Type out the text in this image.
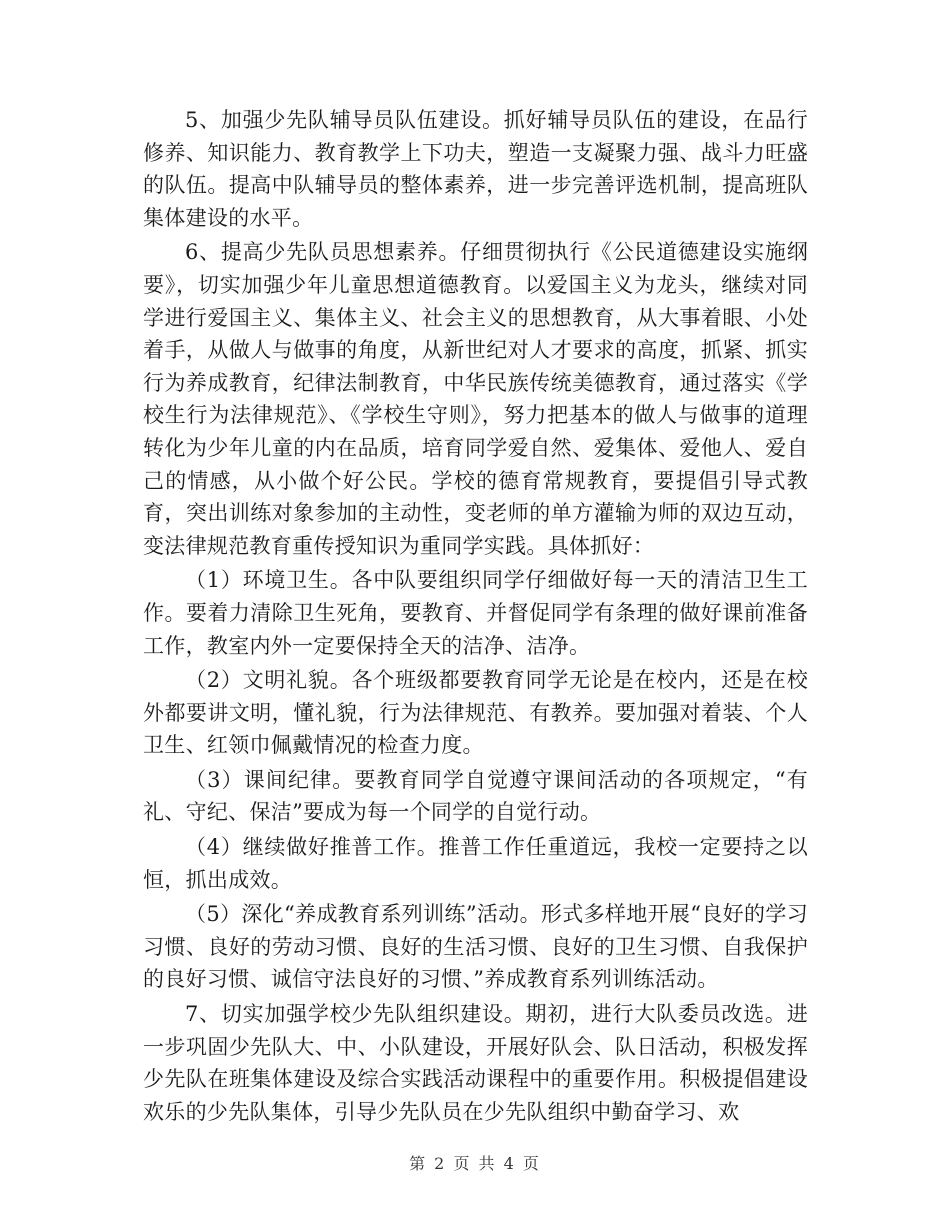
5、加强少先队辅导员队伍建设。抓好辅导员队伍的建设，在品行修养、知识能力、教育教学上下功夫，塑造一支凝聚力强、战斗力旺盛的队伍。提高中队辅导员的整体素养，进一步完善评选机制，提高班队集体建设的水平。

6、提高少先队员思想素养。仔细贯彻执行《公民道德建设实施纲要》，切实加强少年儿童思想道德教育。以爱国主义为龙头，继续对同学进行爱国主义、集体主义、社会主义的思想教育，从大事着眼、小处着手，从做人与做事的角度，从新世纪对人才要求的高度，抓紧、抓实行为养成教育，纪律法制教育，中华民族传统美德教育，通过落实《学校生行为法律规范》、《学校生守则》，努力把基本的做人与做事的道理转化为少年儿童的内在品质，培育同学爱自然、爱集体、爱他人、爱自己的情感，从小做个好公民。学校的德育常规教育，要提倡引导式教育，突出训练对象参加的主动性，变老师的单方灌输为师的双边互动，变法律规范教育重传授知识为重同学实践。具体抓好：

（1）环境卫生。各中队要组织同学仔细做好每一天的清洁卫生工作。要着力清除卫生死角，要教育、并督促同学有条理的做好课前准备工作，教室内外一定要保持全天的洁净、洁净。

（2）文明礼貌。各个班级都要教育同学无论是在校内，还是在校外都要讲文明，懂礼貌，行为法律规范、有教养。要加强对着装、个人卫生、红领巾佩戴情况的检查力度。

（3）课间纪律。要教育同学自觉遵守课间活动的各项规定，“有礼、守纪、保洁”要成为每一个同学的自觉行动。

（4）继续做好推普工作。推普工作任重道远，我校一定要持之以恒，抓出成效。

（5）深化“养成教育系列训练”活动。形式多样地开展“良好的学习习惯、良好的劳动习惯、良好的生活习惯、良好的卫生习惯、自我保护的良好习惯、诚信守法良好的习惯、”养成教育系列训练活动。

7、切实加强学校少先队组织建设。期初，进行大队委员改选。进一步巩固少先队大、中、小队建设，开展好队会、队日活动，积极发挥少先队在班集体建设及综合实践活动课程中的重要作用。积极提倡建设欢乐的少先队集体，引导少先队员在少先队组织中勤奋学习、欢

第 2 页 共 4 页
